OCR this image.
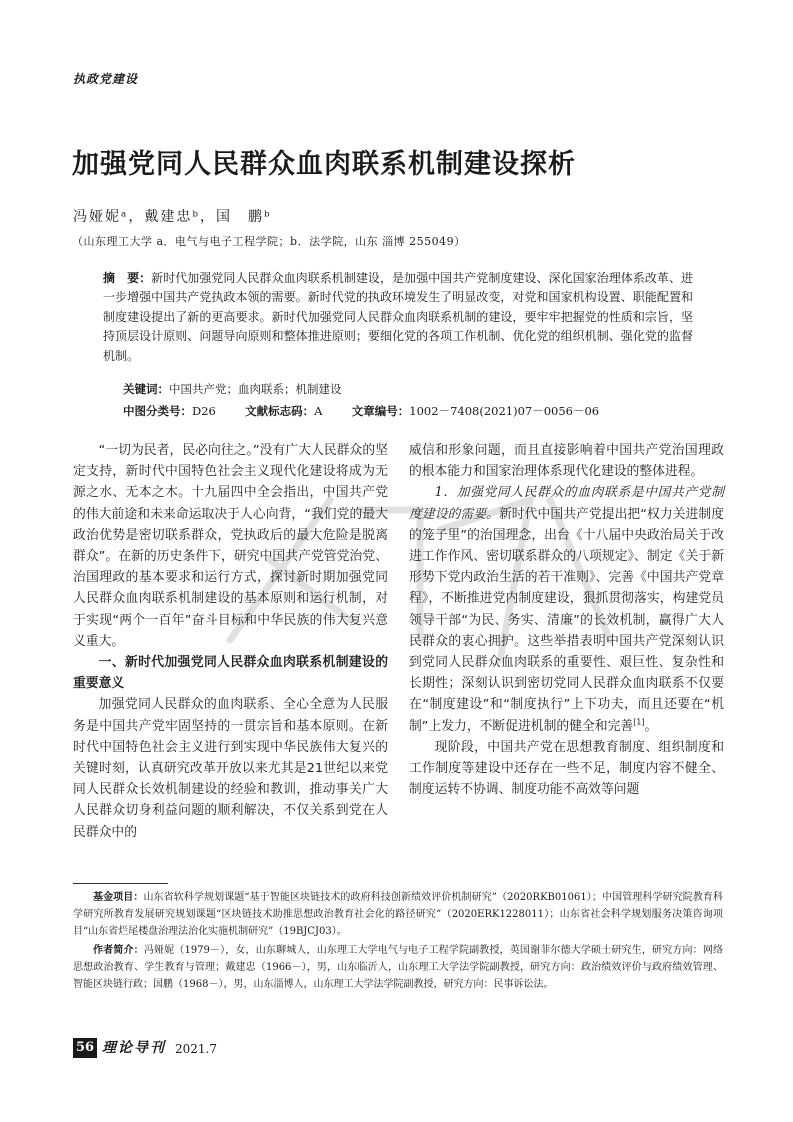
执政党建设
加强党同人民群众血肉联系机制建设探析
冯娅妮ᵃ，戴建忠ᵇ，国　鹏ᵇ
（山东理工大学 a．电气与电子工程学院；b．法学院，山东 淄博 255049）
摘　要：新时代加强党同人民群众血肉联系机制建设，是加强中国共产党制度建设、深化国家治理体系改革、进一步增强中国共产党执政本领的需要。新时代党的执政环境发生了明显改变，对党和国家机构设置、职能配置和制度建设提出了新的更高要求。新时代加强党同人民群众血肉联系机制的建设，要牢牢把握党的性质和宗旨，坚持顶层设计原则、问题导向原则和整体推进原则；要细化党的各项工作机制、优化党的组织机制、强化党的监督机制。
关键词：中国共产党；血肉联系；机制建设
中图分类号：D26	文献标志码：A	文章编号：1002－7408(2021)07－0056－06

“一切为民者，民必向往之。”没有广大人民群众的坚定支持，新时代中国特色社会主义现代化建设将成为无源之水、无本之木。十九届四中全会指出，中国共产党的伟大前途和未来命运取决于人心向背，“我们党的最大政治优势是密切联系群众，党执政后的最大危险是脱离群众”。在新的历史条件下，研究中国共产党管党治党、治国理政的基本要求和运行方式，探讨新时期加强党同人民群众血肉联系机制建设的基本原则和运行机制，对于实现“两个一百年”奋斗目标和中华民族的伟大复兴意义重大。

一、新时代加强党同人民群众血肉联系机制建设的重要意义

加强党同人民群众的血肉联系、全心全意为人民服务是中国共产党牢固坚持的一贯宗旨和基本原则。在新时代中国特色社会主义进行到实现中华民族伟大复兴的关键时刻，认真研究改革开放以来尤其是21世纪以来党同人民群众长效机制建设的经验和教训，推动事关广大人民群众切身利益问题的顺利解决，不仅关系到党在人民群众中的

威信和形象问题，而且直接影响着中国共产党治国理政的根本能力和国家治理体系现代化建设的整体进程。

1．加强党同人民群众的血肉联系是中国共产党制度建设的需要。新时代中国共产党提出把“权力关进制度的笼子里”的治国理念，出台《十八届中央政治局关于改进工作作风、密切联系群众的八项规定》、制定《关于新形势下党内政治生活的若干准则》、完善《中国共产党章程》，不断推进党内制度建设，狠抓贯彻落实，构建党员领导干部“为民、务实、清廉”的长效机制，赢得广大人民群众的衷心拥护。这些举措表明中国共产党深刻认识到党同人民群众血肉联系的重要性、艰巨性、复杂性和长期性；深刻认识到密切党同人民群众血肉联系不仅要在“制度建设”和“制度执行”上下功夫，而且还要在“机制”上发力，不断促进机制的健全和完善[1]。

现阶段，中国共产党在思想教育制度、组织制度和工作制度等建设中还存在一些不足，制度内容不健全、制度运转不协调、制度功能不高效等问题

基金项目：山东省软科学规划课题“基于智能区块链技术的政府科技创新绩效评价机制研究”（2020RKB01061）；中国管理科学研究院教育科学研究所教育发展研究规划课题“区块链技术助推思想政治教育社会化的路径研究”（2020ERK1228011）；山东省社会科学规划服务决策咨询项目“山东省烂尾楼盘治理法治化实施机制研究”（19BJCJ03）。

作者简介：冯娅妮（1979－），女，山东聊城人，山东理工大学电气与电子工程学院副教授，英国谢菲尔德大学硕士研究生，研究方向：网络思想政治教育、学生教育与管理；戴建忠（1966－），男，山东临沂人，山东理工大学法学院副教授，研究方向：政治绩效评价与政府绩效管理、智能区块链行政；国鹏（1968－），男，山东淄博人，山东理工大学法学院副教授，研究方向：民事诉讼法。

56 理论导刊 2021.7
